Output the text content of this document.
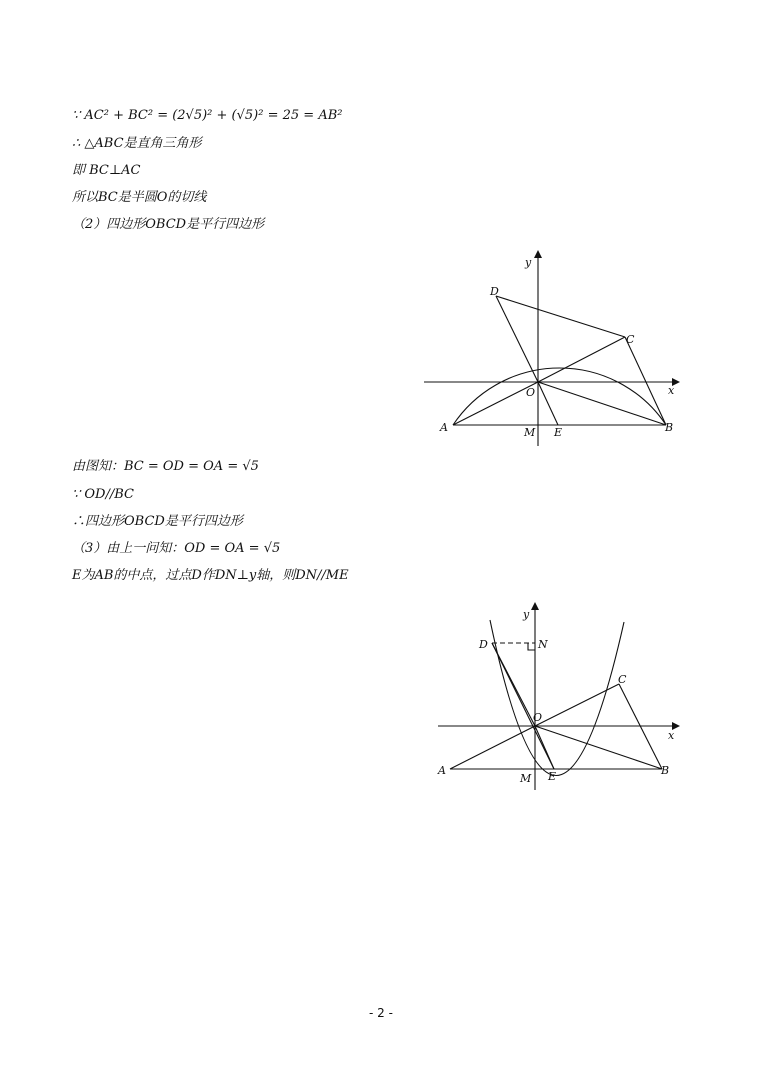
∵ AC² + BC² = (2√5)² + (√5)² = 25 = AB²
∴ △ABC是直角三角形
即 BC⊥AC
所以BC是半圆O的切线
（2）四边形OBCD是平行四边形
y
x
O
A	B
C
D
M E
由图知：BC = OD = OA = √5
∵ OD//BC
∴四边形OBCD是平行四边形
（3）由上一问知：OD = OA = √5
E为AB的中点，过点D作DN⊥y轴，则DN//ME
y
x
O
A	B
C
D	N
M E
- 2 -
